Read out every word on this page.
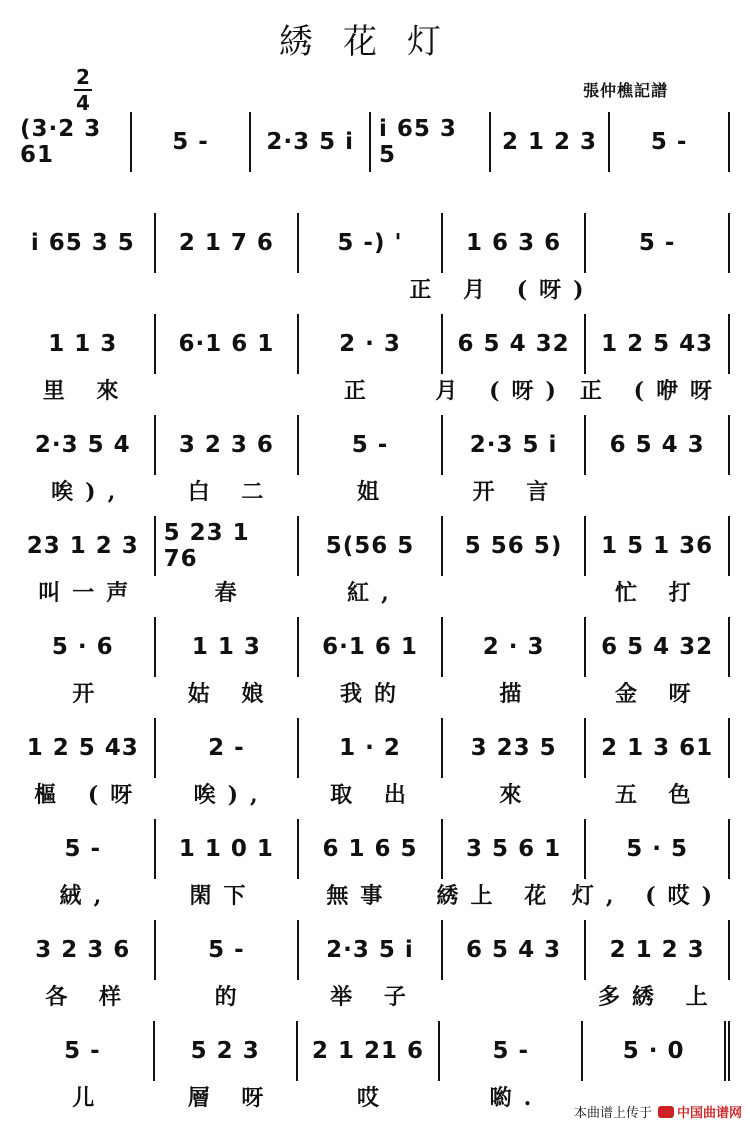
綉花灯
2
4
張仲樵記譜
(3·2 3 61	5 -	2·3 5 i	i 65 3 5	2 1 2 3	5 -
i 65 3 5	2 1 7 6	5 -) '	1 6 3 6	5 -
正 月 (呀)
1 1 3	6·1 6 1	2 · 3	6 5 4 32	1 2 5 43
里 來	正	月 (呀) 正 (咿呀
2·3 5 4	3 2 3 6	5 -	2·3 5 i	6 5 4 3
唉),	白 二	姐	开 言
23 1 2 3	5 23 1 76	5(56 5	5 56 5)	1 5 1 36
叫一声	春	紅,	忙 打
5 · 6	1 1 3	6·1 6 1	2 · 3	6 5 4 32
开	姑 娘	我的	描	金 呀
1 2 5 43	2 -	1 · 2	3 23 5	2 1 3 61
樞 (呀	唉),	取 出	來	五 色
5 -	1 1 0 1	6 1 6 5	3 5 6 1	5 · 5
絨,	閑下	無事	綉上 花 灯, (哎)
3 2 3 6	5 -	2·3 5 i	6 5 4 3	2 1 2 3
各 样	的	举 子	多綉 上
5 -	5 2 3	2 1 21 6	5 -	5 · 0
儿	層 呀	哎	喲.
本曲谱上传于 中国曲谱网
